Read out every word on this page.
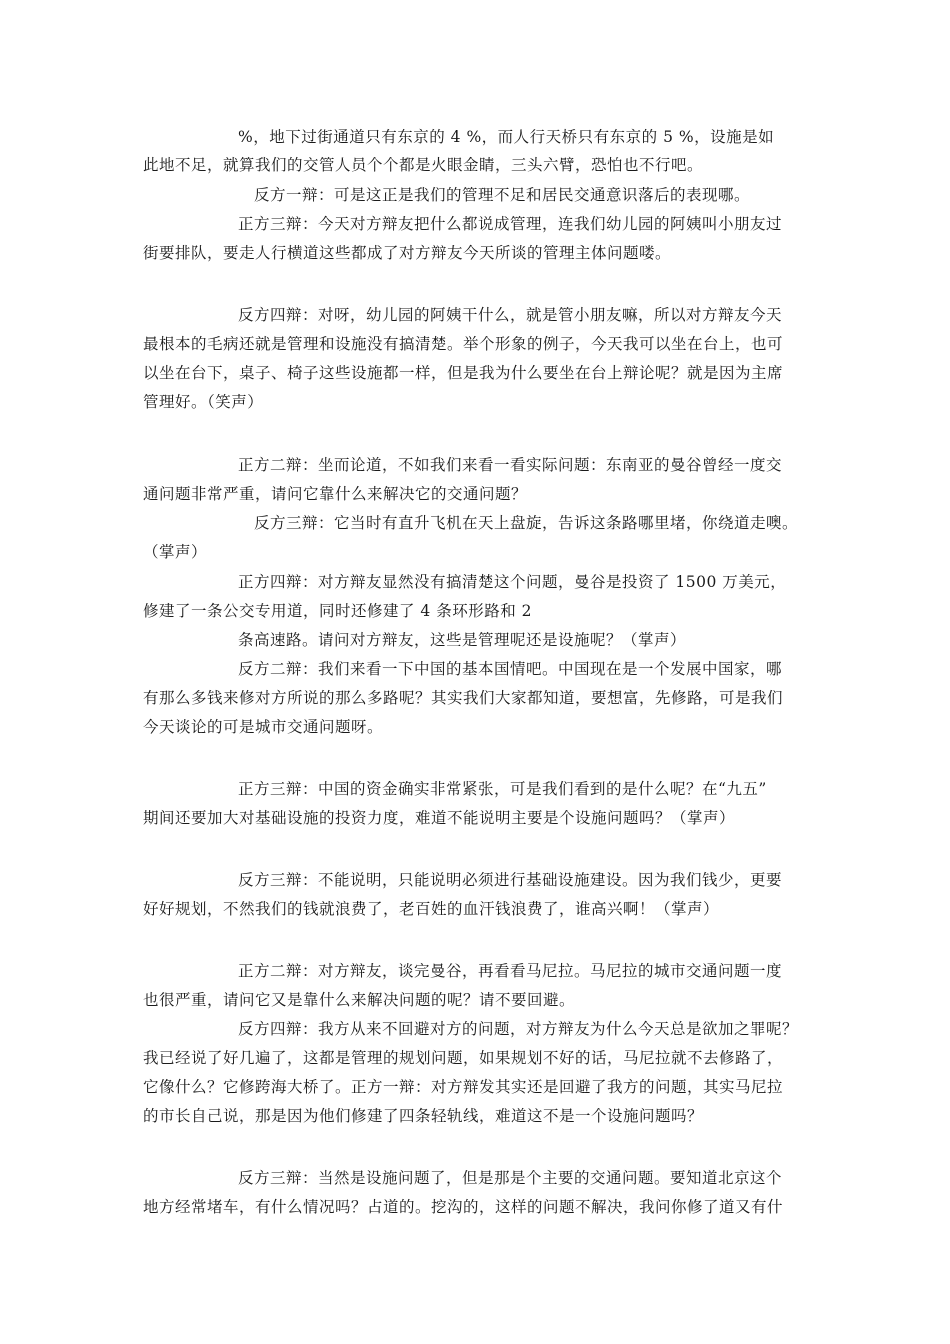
%，地下过街通道只有东京的 4 %，而人行天桥只有东京的 5 %，设施是如
此地不足，就算我们的交管人员个个都是火眼金睛，三头六臂，恐怕也不行吧。
反方一辩：可是这正是我们的管理不足和居民交通意识落后的表现哪。
正方三辩：今天对方辩友把什么都说成管理，连我们幼儿园的阿姨叫小朋友过
街要排队，要走人行横道这些都成了对方辩友今天所谈的管理主体问题喽。
反方四辩：对呀，幼儿园的阿姨干什么，就是管小朋友嘛，所以对方辩友今天
最根本的毛病还就是管理和设施没有搞清楚。举个形象的例子，今天我可以坐在台上，也可
以坐在台下，桌子、椅子这些设施都一样，但是我为什么要坐在台上辩论呢？就是因为主席
管理好。（笑声）
正方二辩：坐而论道，不如我们来看一看实际问题：东南亚的曼谷曾经一度交
通问题非常严重，请问它靠什么来解决它的交通问题？
反方三辩：它当时有直升飞机在天上盘旋，告诉这条路哪里堵，你绕道走噢。
（掌声）
正方四辩：对方辩友显然没有搞清楚这个问题，曼谷是投资了 1500 万美元，
修建了一条公交专用道，同时还修建了 4 条环形路和 2
条高速路。请问对方辩友，这些是管理呢还是设施呢？（掌声）
反方二辩：我们来看一下中国的基本国情吧。中国现在是一个发展中国家，哪
有那么多钱来修对方所说的那么多路呢？其实我们大家都知道，要想富，先修路，可是我们
今天谈论的可是城市交通问题呀。
正方三辩：中国的资金确实非常紧张，可是我们看到的是什么呢？在“九五”
期间还要加大对基础设施的投资力度，难道不能说明主要是个设施问题吗？（掌声）
反方三辩：不能说明，只能说明必须进行基础设施建设。因为我们钱少，更要
好好规划，不然我们的钱就浪费了，老百姓的血汗钱浪费了，谁高兴啊！（掌声）
正方二辩：对方辩友，谈完曼谷，再看看马尼拉。马尼拉的城市交通问题一度
也很严重，请问它又是靠什么来解决问题的呢？请不要回避。
反方四辩：我方从来不回避对方的问题，对方辩友为什么今天总是欲加之罪呢？
我已经说了好几遍了，这都是管理的规划问题，如果规划不好的话，马尼拉就不去修路了，
它像什么？它修跨海大桥了。正方一辩：对方辩发其实还是回避了我方的问题，其实马尼拉
的市长自己说，那是因为他们修建了四条轻轨线，难道这不是一个设施问题吗？
反方三辩：当然是设施问题了，但是那是个主要的交通问题。要知道北京这个
地方经常堵车，有什么情况吗？占道的。挖沟的，这样的问题不解决，我问你修了道又有什
